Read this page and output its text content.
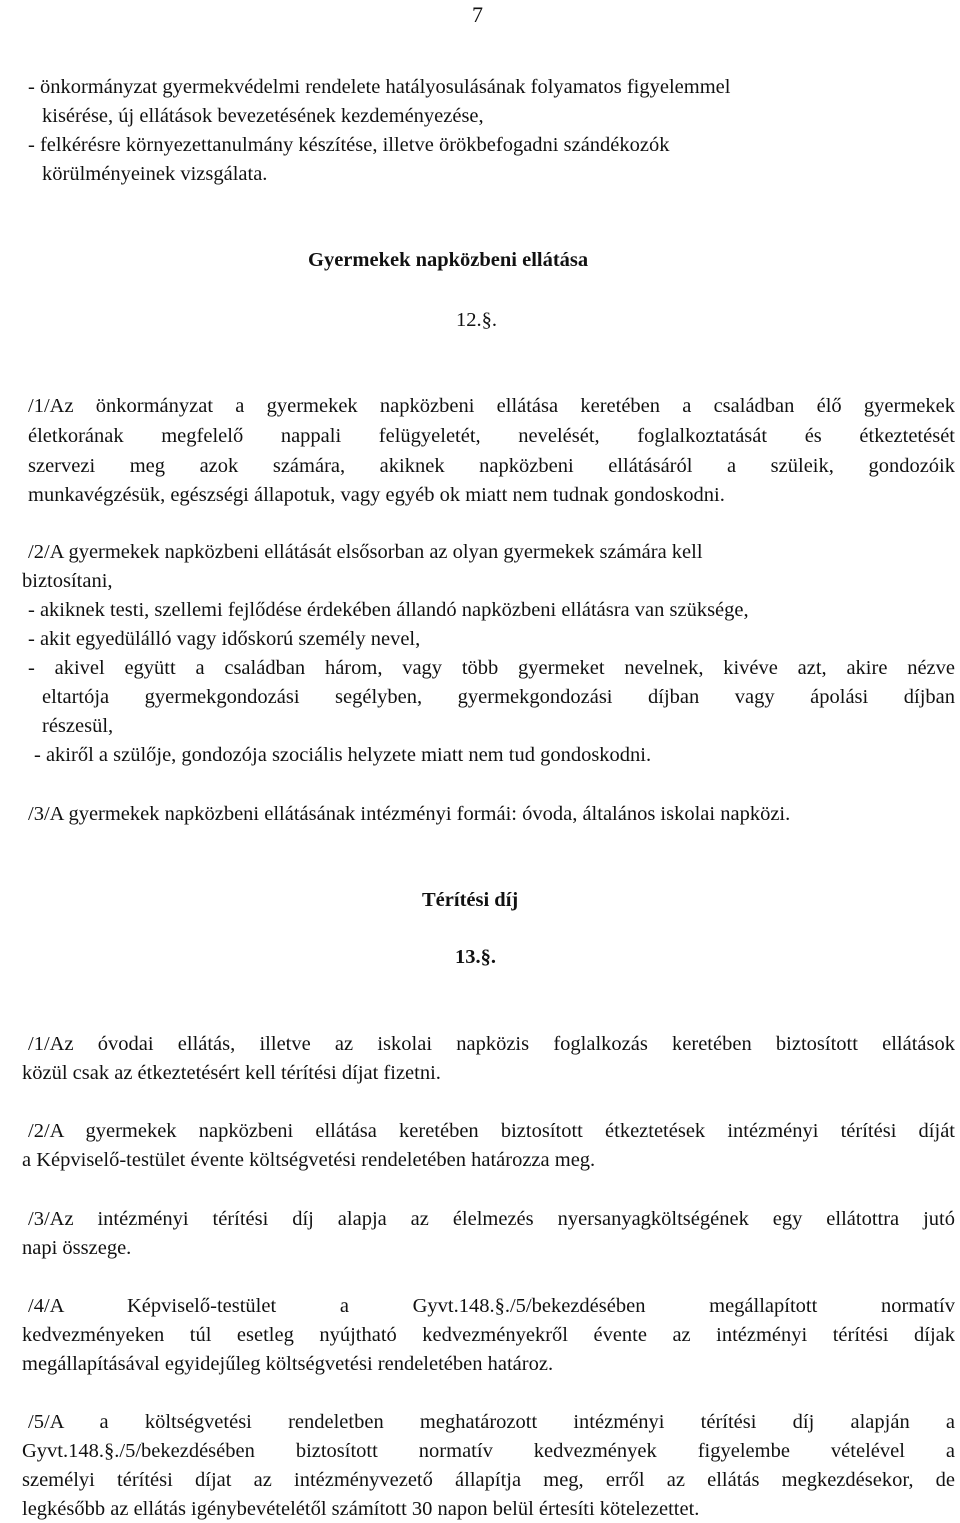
7
- önkormányzat gyermekvédelmi rendelete hatályosulásának folyamatos figyelemmel
kisérése, új ellátások bevezetésének kezdeményezése,
- felkérésre környezettanulmány készítése, illetve örökbefogadni szándékozók
körülményeinek vizsgálata.
Gyermekek napközbeni ellátása
12.§.
/1/Az önkormányzat a gyermekek napközbeni ellátása keretében a családban élő gyermekek
életkorának megfelelő nappali felügyeletét, nevelését, foglalkoztatását és étkeztetését
szervezi meg azok számára, akiknek napközbeni ellátásáról a szüleik, gondozóik
munkavégzésük, egészségi állapotuk, vagy egyéb ok miatt nem tudnak gondoskodni.
/2/A gyermekek napközbeni ellátását elsősorban az olyan gyermekek számára kell
biztosítani,
- akiknek testi, szellemi fejlődése érdekében állandó napközbeni ellátásra van szüksége,
- akit egyedülálló vagy időskorú személy nevel,
- akivel együtt a családban három, vagy több gyermeket nevelnek, kivéve azt, akire nézve
eltartója gyermekgondozási segélyben, gyermekgondozási díjban vagy ápolási díjban
részesül,
- akiről a szülője, gondozója szociális helyzete miatt nem tud gondoskodni.
/3/A gyermekek napközbeni ellátásának intézményi formái: óvoda, általános iskolai napközi.
Térítési díj
13.§.
/1/Az óvodai ellátás, illetve az iskolai napközis foglalkozás keretében biztosított ellátások
közül csak az étkeztetésért kell térítési díjat fizetni.
/2/A gyermekek napközbeni ellátása keretében biztosított étkeztetések intézményi térítési díját
a Képviselő-testület évente költségvetési rendeletében határozza meg.
/3/Az intézményi térítési díj alapja az élelmezés nyersanyagköltségének egy ellátottra jutó
napi összege.
/4/A Képviselő-testület a Gyvt.148.§./5/bekezdésében megállapított normatív
kedvezményeken túl esetleg nyújtható kedvezményekről évente az intézményi térítési díjak
megállapításával egyidejűleg költségvetési rendeletében határoz.
/5/A a költségvetési rendeletben meghatározott intézményi térítési díj alapján a
Gyvt.148.§./5/bekezdésében biztosított normatív kedvezmények figyelembe vételével a
személyi térítési díjat az intézményvezető állapítja meg, erről az ellátás megkezdésekor, de
legkésőbb az ellátás igénybevételétől számított 30 napon belül értesíti kötelezettet.
